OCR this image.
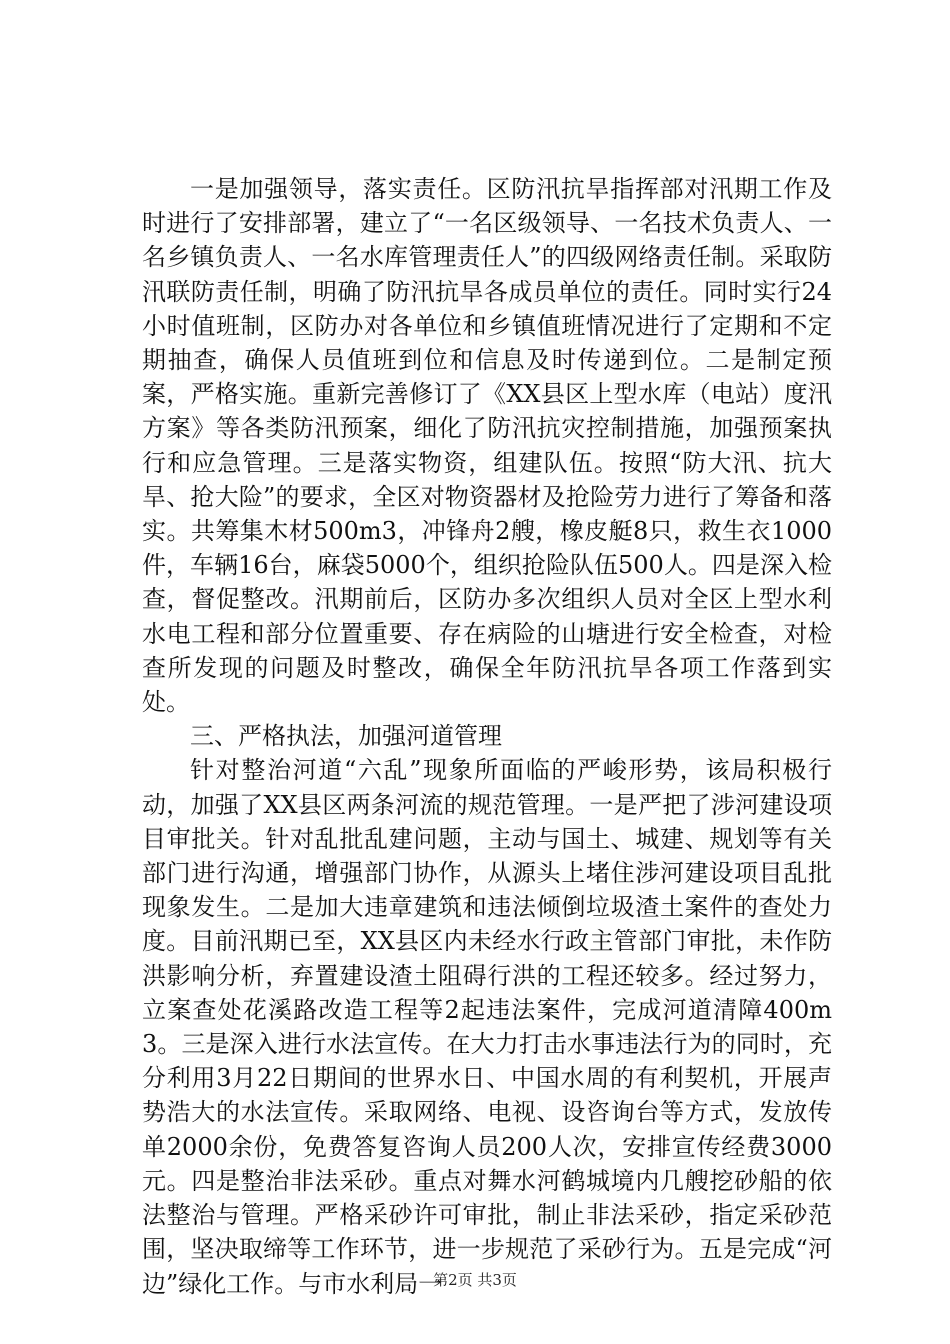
一是加强领导，落实责任。区防汛抗旱指挥部对汛期工作及时进行了安排部署，建立了“一名区级领导、一名技术负责人、一名乡镇负责人、一名水库管理责任人”的四级网络责任制。采取防汛联防责任制，明确了防汛抗旱各成员单位的责任。同时实行24小时值班制，区防办对各单位和乡镇值班情况进行了定期和不定期抽查，确保人员值班到位和信息及时传递到位。二是制定预案，严格实施。重新完善修订了《XX县区上型水库（电站）度汛方案》等各类防汛预案，细化了防汛抗灾控制措施，加强预案执行和应急管理。三是落实物资，组建队伍。按照“防大汛、抗大旱、抢大险”的要求，全区对物资器材及抢险劳力进行了筹备和落实。共筹集木材500m3，冲锋舟2艘，橡皮艇8只，救生衣1000件，车辆16台，麻袋5000个，组织抢险队伍500人。四是深入检查，督促整改。汛期前后，区防办多次组织人员对全区上型水利水电工程和部分位置重要、存在病险的山塘进行安全检查，对检查所发现的问题及时整改，确保全年防汛抗旱各项工作落到实处。

三、严格执法，加强河道管理

针对整治河道“六乱”现象所面临的严峻形势，该局积极行动，加强了XX县区两条河流的规范管理。一是严把了涉河建设项目审批关。针对乱批乱建问题，主动与国土、城建、规划等有关部门进行沟通，增强部门协作，从源头上堵住涉河建设项目乱批现象发生。二是加大违章建筑和违法倾倒垃圾渣土案件的查处力度。目前汛期已至，XX县区内未经水行政主管部门审批，未作防洪影响分析，弃置建设渣土阻碍行洪的工程还较多。经过努力，立案查处花溪路改造工程等2起违法案件，完成河道清障400m3。三是深入进行水法宣传。在大力打击水事违法行为的同时，充分利用3月22日期间的世界水日、中国水周的有利契机，开展声势浩大的水法宣传。采取网络、电视、设咨询台等方式，发放传单2000余份，免费答复咨询人员200人次，安排宣传经费3000元。四是整治非法采砂。重点对舞水河鹤城境内几艘挖砂船的依法整治与管理。严格采砂许可审批，制止非法采砂，指定采砂范围，坚决取缔等工作环节，进一步规范了采砂行为。五是完成“河边”绿化工作。与市水利局一

第2页 共3页
